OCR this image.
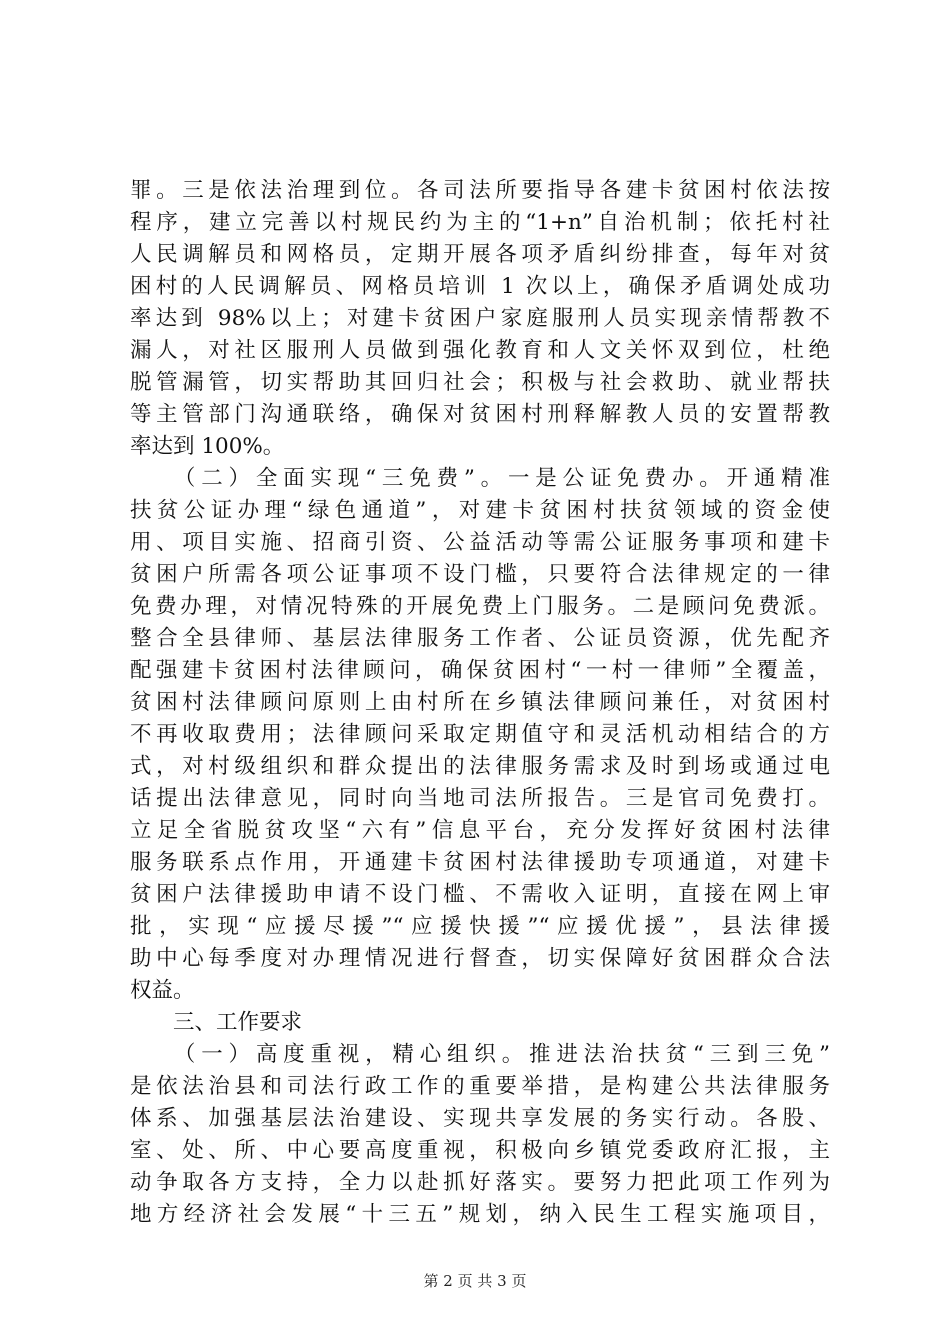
罪。三是依法治理到位。各司法所要指导各建卡贫困村依法按
程序，建立完善以村规民约为主的“1+n”自治机制；依托村社
人民调解员和网格员，定期开展各项矛盾纠纷排查，每年对贫
困村的人民调解员、网格员培训 1 次以上，确保矛盾调处成功
率达到 98%以上；对建卡贫困户家庭服刑人员实现亲情帮教不
漏人，对社区服刑人员做到强化教育和人文关怀双到位，杜绝
脱管漏管，切实帮助其回归社会；积极与社会救助、就业帮扶
等主管部门沟通联络，确保对贫困村刑释解教人员的安置帮教
率达到 100%。
　　（二）全面实现“三免费”。一是公证免费办。开通精准
扶贫公证办理“绿色通道”，对建卡贫困村扶贫领域的资金使
用、项目实施、招商引资、公益活动等需公证服务事项和建卡
贫困户所需各项公证事项不设门槛，只要符合法律规定的一律
免费办理，对情况特殊的开展免费上门服务。二是顾问免费派。
整合全县律师、基层法律服务工作者、公证员资源，优先配齐
配强建卡贫困村法律顾问，确保贫困村“一村一律师”全覆盖，
贫困村法律顾问原则上由村所在乡镇法律顾问兼任，对贫困村
不再收取费用；法律顾问采取定期值守和灵活机动相结合的方
式，对村级组织和群众提出的法律服务需求及时到场或通过电
话提出法律意见，同时向当地司法所报告。三是官司免费打。
立足全省脱贫攻坚“六有”信息平台，充分发挥好贫困村法律
服务联系点作用，开通建卡贫困村法律援助专项通道，对建卡
贫困户法律援助申请不设门槛、不需收入证明，直接在网上审
批，实现“应援尽援”“应援快援”“应援优援”，县法律援
助中心每季度对办理情况进行督查，切实保障好贫困群众合法
权益。
　　三、工作要求
　　（一）高度重视，精心组织。推进法治扶贫“三到三免”
是依法治县和司法行政工作的重要举措，是构建公共法律服务
体系、加强基层法治建设、实现共享发展的务实行动。各股、
室、处、所、中心要高度重视，积极向乡镇党委政府汇报，主
动争取各方支持，全力以赴抓好落实。要努力把此项工作列为
地方经济社会发展“十三五”规划，纳入民生工程实施项目，
第 2 页 共 3 页
